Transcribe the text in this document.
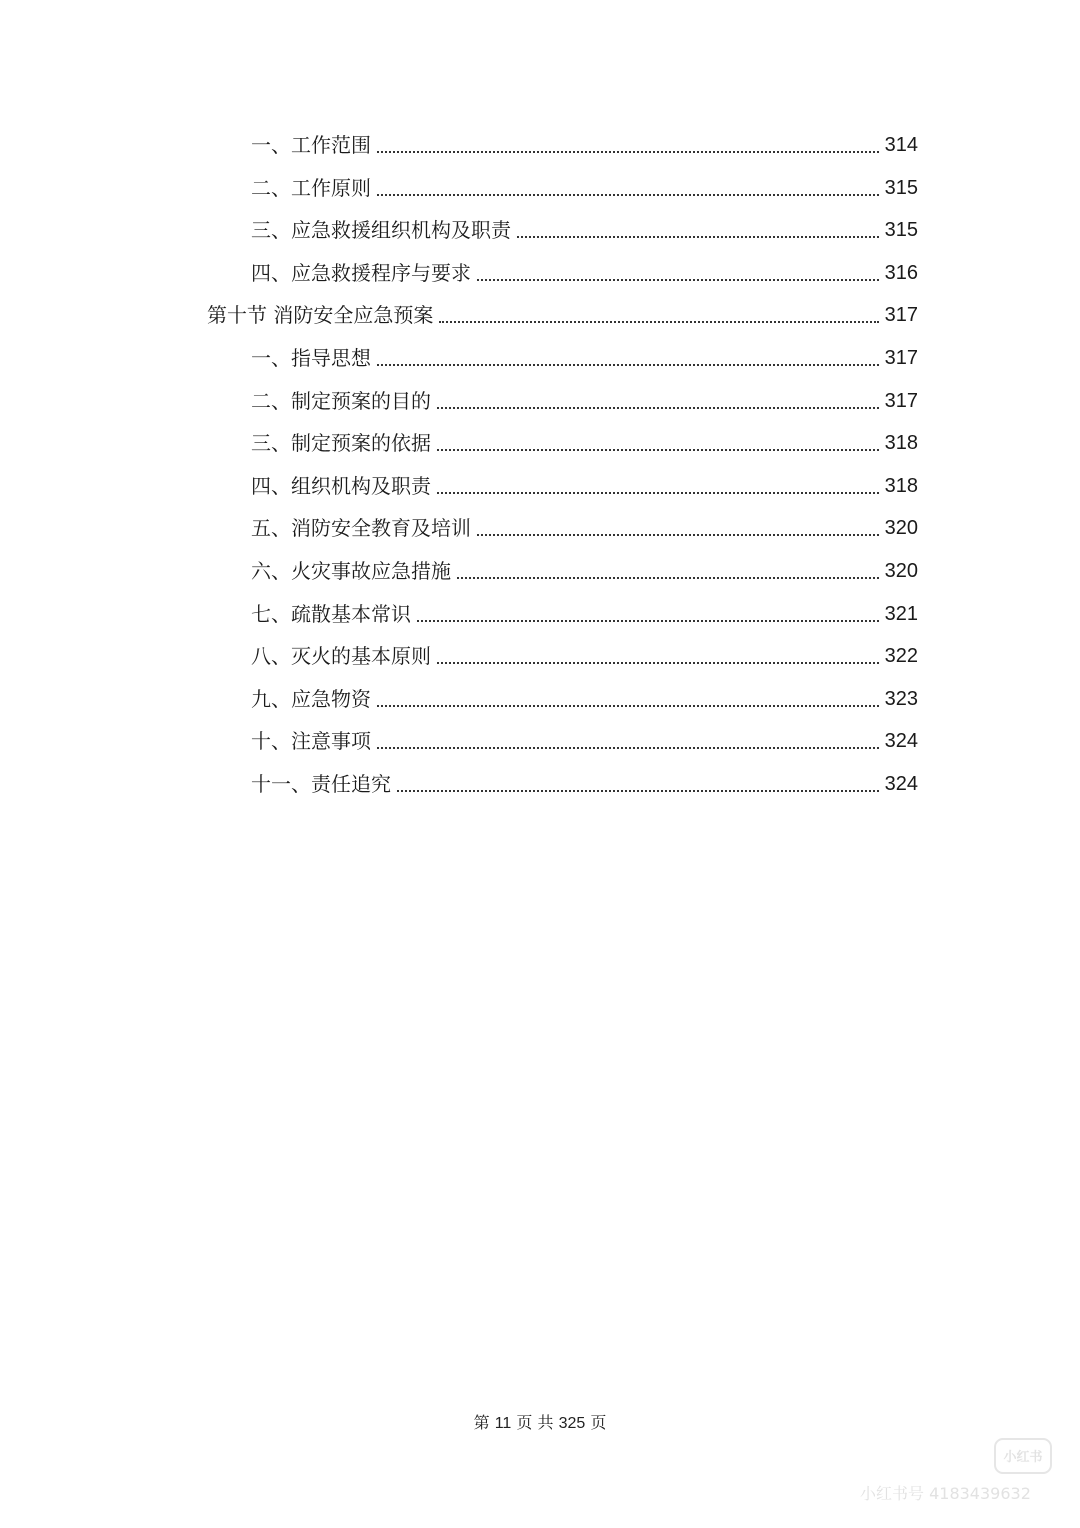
一、工作范围	314
二、工作原则	315
三、应急救援组织机构及职责	315
四、应急救援程序与要求	316
第十节 消防安全应急预案	317
一、指导思想	317
二、制定预案的目的	317
三、制定预案的依据	318
四、组织机构及职责	318
五、消防安全教育及培训	320
六、火灾事故应急措施	320
七、疏散基本常识	321
八、灭火的基本原则	322
九、应急物资	323
十、注意事项	324
十一、责任追究	324
第 11 页 共 325 页
小红书
小红书号 4183439632
